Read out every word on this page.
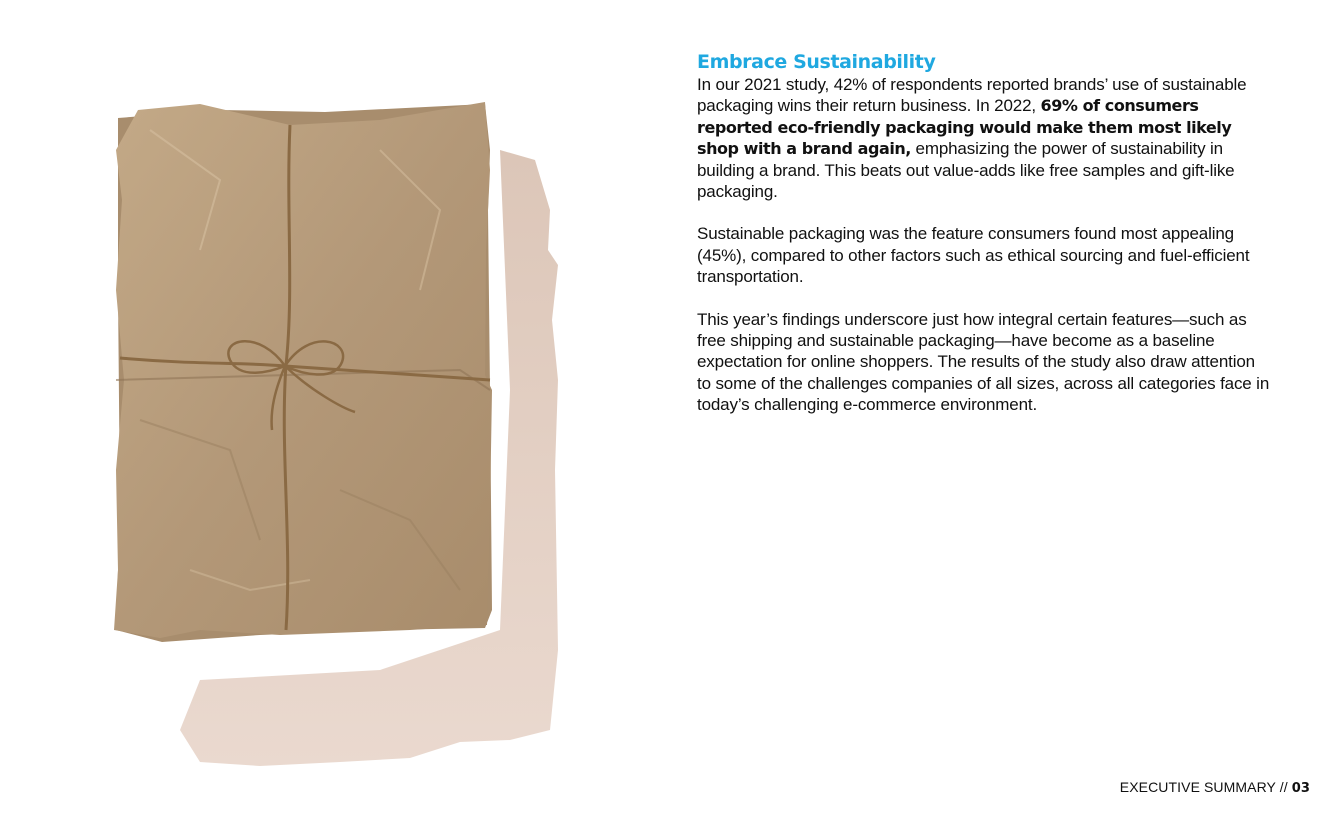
Embrace Sustainability

In our 2021 study, 42% of respondents reported brands’ use of sustainable packaging wins their return business. In 2022, 69% of consumers reported eco-friendly packaging would make them most likely shop with a brand again, emphasizing the power of sustainability in building a brand. This beats out value-adds like free samples and gift-like packaging.

Sustainable packaging was the feature consumers found most appealing (45%), compared to other factors such as ethical sourcing and fuel-efficient transportation.

This year’s findings underscore just how integral certain features—such as free shipping and sustainable packaging—have become as a baseline expectation for online shoppers. The results of the study also draw attention to some of the challenges companies of all sizes, across all categories face in today’s challenging e-commerce environment.

EXECUTIVE SUMMARY // 03
